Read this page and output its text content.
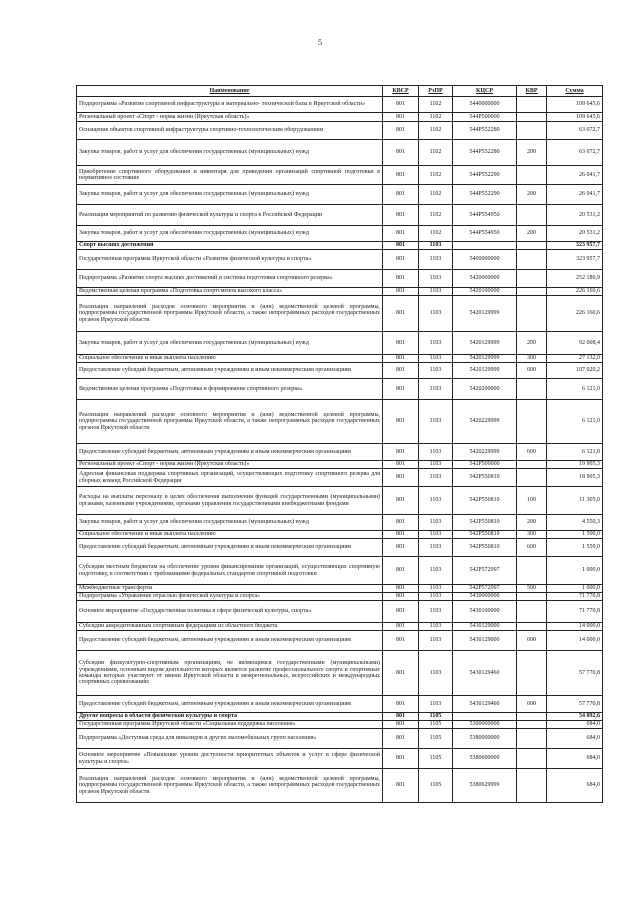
5
Наименование	КВСР	РзПР	КЦСР	КВР	Сумма
Подпрограмма «Развитие спортивной инфраструктуры и материально- технической базы в Иркутской области»	801	1102	5440000000		109 645,6
Региональный проект «Спорт - норма жизни (Иркутская область)»	801	1102	544P500000		109 645,6
Оснащение объектов спортивной инфраструктуры спортивно-технологическим оборудованием	801	1102	544P552280		63 072,7
Закупка товаров, работ и услуг для обеспечения государственных (муниципальных) нужд	801	1102	544P552280	200	63 072,7
Приобретение спортивного оборудования и инвентаря для приведения организаций спортивной подготовки в нормативное состояние	801	1102	544P552290		26 041,7
Закупка товаров, работ и услуг для обеспечения государственных (муниципальных) нужд	801	1102	544P552290	200	26 041,7
Реализация мероприятий по развитию физической культуры и спорта в Российской Федерации	801	1102	544P554950		20 531,2
Закупка товаров, работ и услуг для обеспечения государственных (муниципальных) нужд	801	1102	544P554950	200	20 531,2
Спорт высших достижений	801	1103			323 957,7
Государственная программа Иркутской области «Развитие физической культуры и спорта»	801	1103	5400000000		323 957,7
Подпрограмма «Развитие спорта высших достижений и системы подготовки спортивного резерва»	801	1103	5420000000		252 186,9
Ведомственная целевая программа «Подготовка спортсменов высокого класса»	801	1103	5420100000		226 160,6
Реализация направлений расходов основного мероприятия и (или) ведомственной целевой программы, подпрограммы государственной программы Иркутской области, а также непрограммных расходов государственных органов Иркутской области	801	1103	5420129999		226 160,6
Закупка товаров, работ и услуг для обеспечения государственных (муниципальных) нужд	801	1103	5420129999	200	92 008,4
Социальное обеспечение и иные выплаты населению	801	1103	5420129999	300	27 132,0
Предоставление субсидий бюджетным, автономным учреждениям и иным некоммерческим организациям	801	1103	5420129999	600	107 020,2
Ведомственная целевая программа «Подготовка и формирование спортивного резерва»	801	1103	5420200000		6 121,0
Реализация направлений расходов основного мероприятия и (или) ведомственной целевой программы, подпрограммы государственной программы Иркутской области, а также непрограммных расходов государственных органов Иркутской области	801	1103	5420229999		6 121,0
Предоставление субсидий бюджетным, автономным учреждениям и иным некоммерческим организациям	801	1103	5420229999	600	6 121,0
Региональный проект «Спорт - норма жизни (Иркутская область)»	801	1103	542P500000		19 905,3
Адресная финансовая поддержка спортивных организаций, осуществляющих подготовку спортивного резерва для сборных команд Российской Федерации	801	1103	542P550810		18 905,3
Расходы на выплаты персоналу в целях обеспечения выполнения функций государственными (муниципальными) органами, казенными учреждениями, органами управления государственными внебюджетными фондами	801	1103	542P550810	100	11 305,0
Закупка товаров, работ и услуг для обеспечения государственных (муниципальных) нужд	801	1103	542P550810	200	4 550,3
Социальное обеспечение и иные выплаты населению	801	1103	542P550810	300	1 500,0
Предоставление субсидий бюджетным, автономным учреждениям и иным некоммерческим организациям	801	1103	542P550810	600	1 550,0
Субсидии местным бюджетам на обеспечение уровня финансирования организаций, осуществляющих спортивную подготовку, в соответствии с требованиями федеральных стандартов спортивной подготовки	801	1103	542P572997		1 000,0
Межбюджетные трансферты	801	1103	542P572997	500	1 000,0
Подпрограмма «Управление отраслью физической культуры и спорта»	801	1103	5430000000		71 770,8
Основное мероприятие «Государственная политика в сфере физической культуры, спорта»	801	1103	5430100000		71 770,8
Субсидии аккредитованным спортивным федерациям из областного бюджета	801	1103	5430129000		14 000,0
Предоставление субсидий бюджетным, автономным учреждениям и иным некоммерческим организациям	801	1103	5430129000	600	14 000,0
Субсидии физкультурно-спортивным организациям, не являющимся государственными (муниципальными) учреждениями, основным видом деятельности которых является развитие профессионального спорта и спортивные команды которых участвуют от имени Иркутской области в межрегиональных, всероссийских и международных спортивных соревнованиях	801	1103	5430129460		57 770,8
Предоставление субсидий бюджетным, автономным учреждениям и иным некоммерческим организациям	801	1103	5430129460	600	57 770,8
Другие вопросы в области физической культуры и спорта	801	1105			54 892,6
Государственная программа Иркутской области «Социальная поддержка населения»	801	1105	5300000000		684,0
Подпрограмма «Доступная среда для инвалидов и других маломобильных групп населения»	801	1105	5380000000		684,0
Основное мероприятие «Повышение уровня доступности приоритетных объектов и услуг в сфере физической культуры и спорта»	801	1105	5380600000		684,0
Реализация направлений расходов основного мероприятия и (или) ведомственной целевой программы, подпрограммы государственной программы Иркутской области, а также непрограммных расходов государственных органов Иркутской области	801	1105	5380629999		684,0
